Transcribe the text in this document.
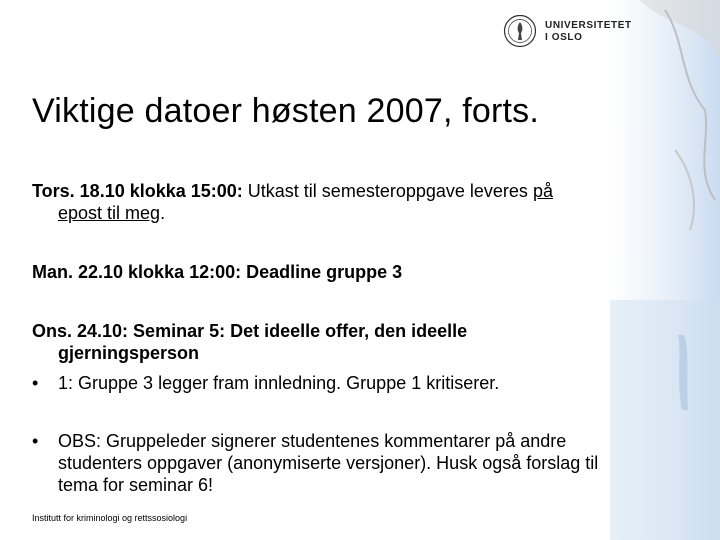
UNIVERSITETET
I OSLO
Viktige datoer høsten 2007, forts.
Tors. 18.10 klokka 15:00: Utkast til semesteroppgave leveres på
epost til meg.
Man. 22.10 klokka 12:00: Deadline gruppe 3
Ons. 24.10: Seminar 5: Det ideelle offer, den ideelle
gjerningsperson
•	1: Gruppe 3 legger fram innledning. Gruppe 1 kritiserer.
•	OBS: Gruppeleder signerer studentenes kommentarer på andre studenters oppgaver (anonymiserte versjoner). Husk også forslag til tema for seminar 6!
Institutt for kriminologi og rettssosiologi
